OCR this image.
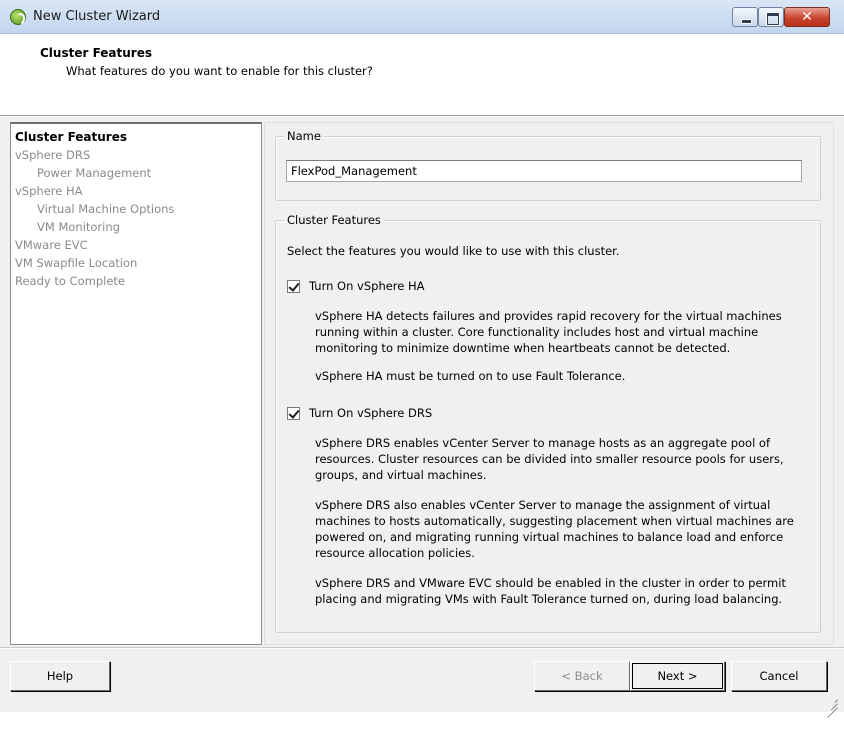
New Cluster Wizard	✕
Cluster Features
What features do you want to enable for this cluster?
Cluster Features
vSphere DRS
Power Management
vSphere HA
Virtual Machine Options
VM Monitoring
VMware EVC
VM Swapfile Location
Ready to Complete
Name
FlexPod_Management
Cluster Features
Select the features you would like to use with this cluster.
Turn On vSphere HA
vSphere HA detects failures and provides rapid recovery for the virtual machines running within a cluster. Core functionality includes host and virtual machine monitoring to minimize downtime when heartbeats cannot be detected.
vSphere HA must be turned on to use Fault Tolerance.
Turn On vSphere DRS
vSphere DRS enables vCenter Server to manage hosts as an aggregate pool of resources. Cluster resources can be divided into smaller resource pools for users, groups, and virtual machines.
vSphere DRS also enables vCenter Server to manage the assignment of virtual machines to hosts automatically, suggesting placement when virtual machines are powered on, and migrating running virtual machines to balance load and enforce resource allocation policies.
vSphere DRS and VMware EVC should be enabled in the cluster in order to permit placing and migrating VMs with Fault Tolerance turned on, during load balancing.
Help	< Back	Next >	Cancel
